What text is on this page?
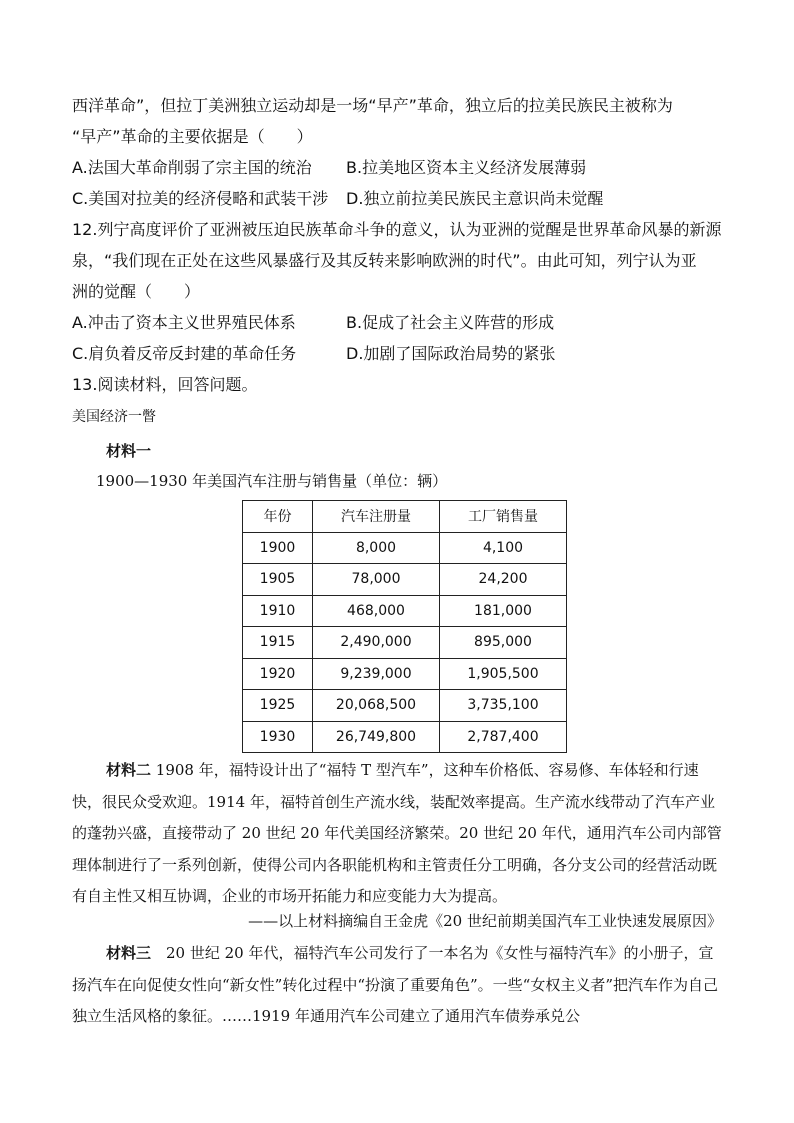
西洋革命”，但拉丁美洲独立运动却是一场“早产”革命，独立后的拉美民族民主被称为
“早产”革命的主要依据是（　　）
A.法国大革命削弱了宗主国的统治 B.拉美地区资本主义经济发展薄弱
C.美国对拉美的经济侵略和武装干涉 D.独立前拉美民族民主意识尚未觉醒
12.列宁高度评价了亚洲被压迫民族革命斗争的意义，认为亚洲的觉醒是世界革命风暴的新源
泉，“我们现在正处在这些风暴盛行及其反转来影响欧洲的时代”。由此可知，列宁认为亚
洲的觉醒（　　）
A.冲击了资本主义世界殖民体系	B.促成了社会主义阵营的形成
C.肩负着反帝反封建的革命任务	D.加剧了国际政治局势的紧张
13.阅读材料，回答问题。
美国经济一瞥
材料一
1900—1930 年美国汽车注册与销售量（单位：辆）
年份	汽车注册量	工厂销售量
1900	8,000	4,100
1905	78,000	24,200
1910	468,000	181,000
1915	2,490,000	895,000
1920	9,239,000	1,905,500
1925	20,068,500	3,735,100
1930	26,749,800	2,787,400
材料二 1908 年，福特设计出了“福特 T 型汽车”，这种车价格低、容易修、车体轻和行速快，很民众受欢迎。1914 年，福特首创生产流水线，装配效率提高。生产流水线带动了汽车产业的蓬勃兴盛，直接带动了 20 世纪 20 年代美国经济繁荣。20 世纪 20 年代，通用汽车公司内部管理体制进行了一系列创新，使得公司内各职能机构和主管责任分工明确，各分支公司的经营活动既有自主性又相互协调，企业的市场开拓能力和应变能力大为提高。
——以上材料摘编自王金虎《20 世纪前期美国汽车工业快速发展原因》
材料三　20 世纪 20 年代，福特汽车公司发行了一本名为《女性与福特汽车》的小册子，宣扬汽车在向促使女性向“新女性”转化过程中“扮演了重要角色”。一些“女权主义者”把汽车作为自己独立生活风格的象征。……1919 年通用汽车公司建立了通用汽车债券承兑公
